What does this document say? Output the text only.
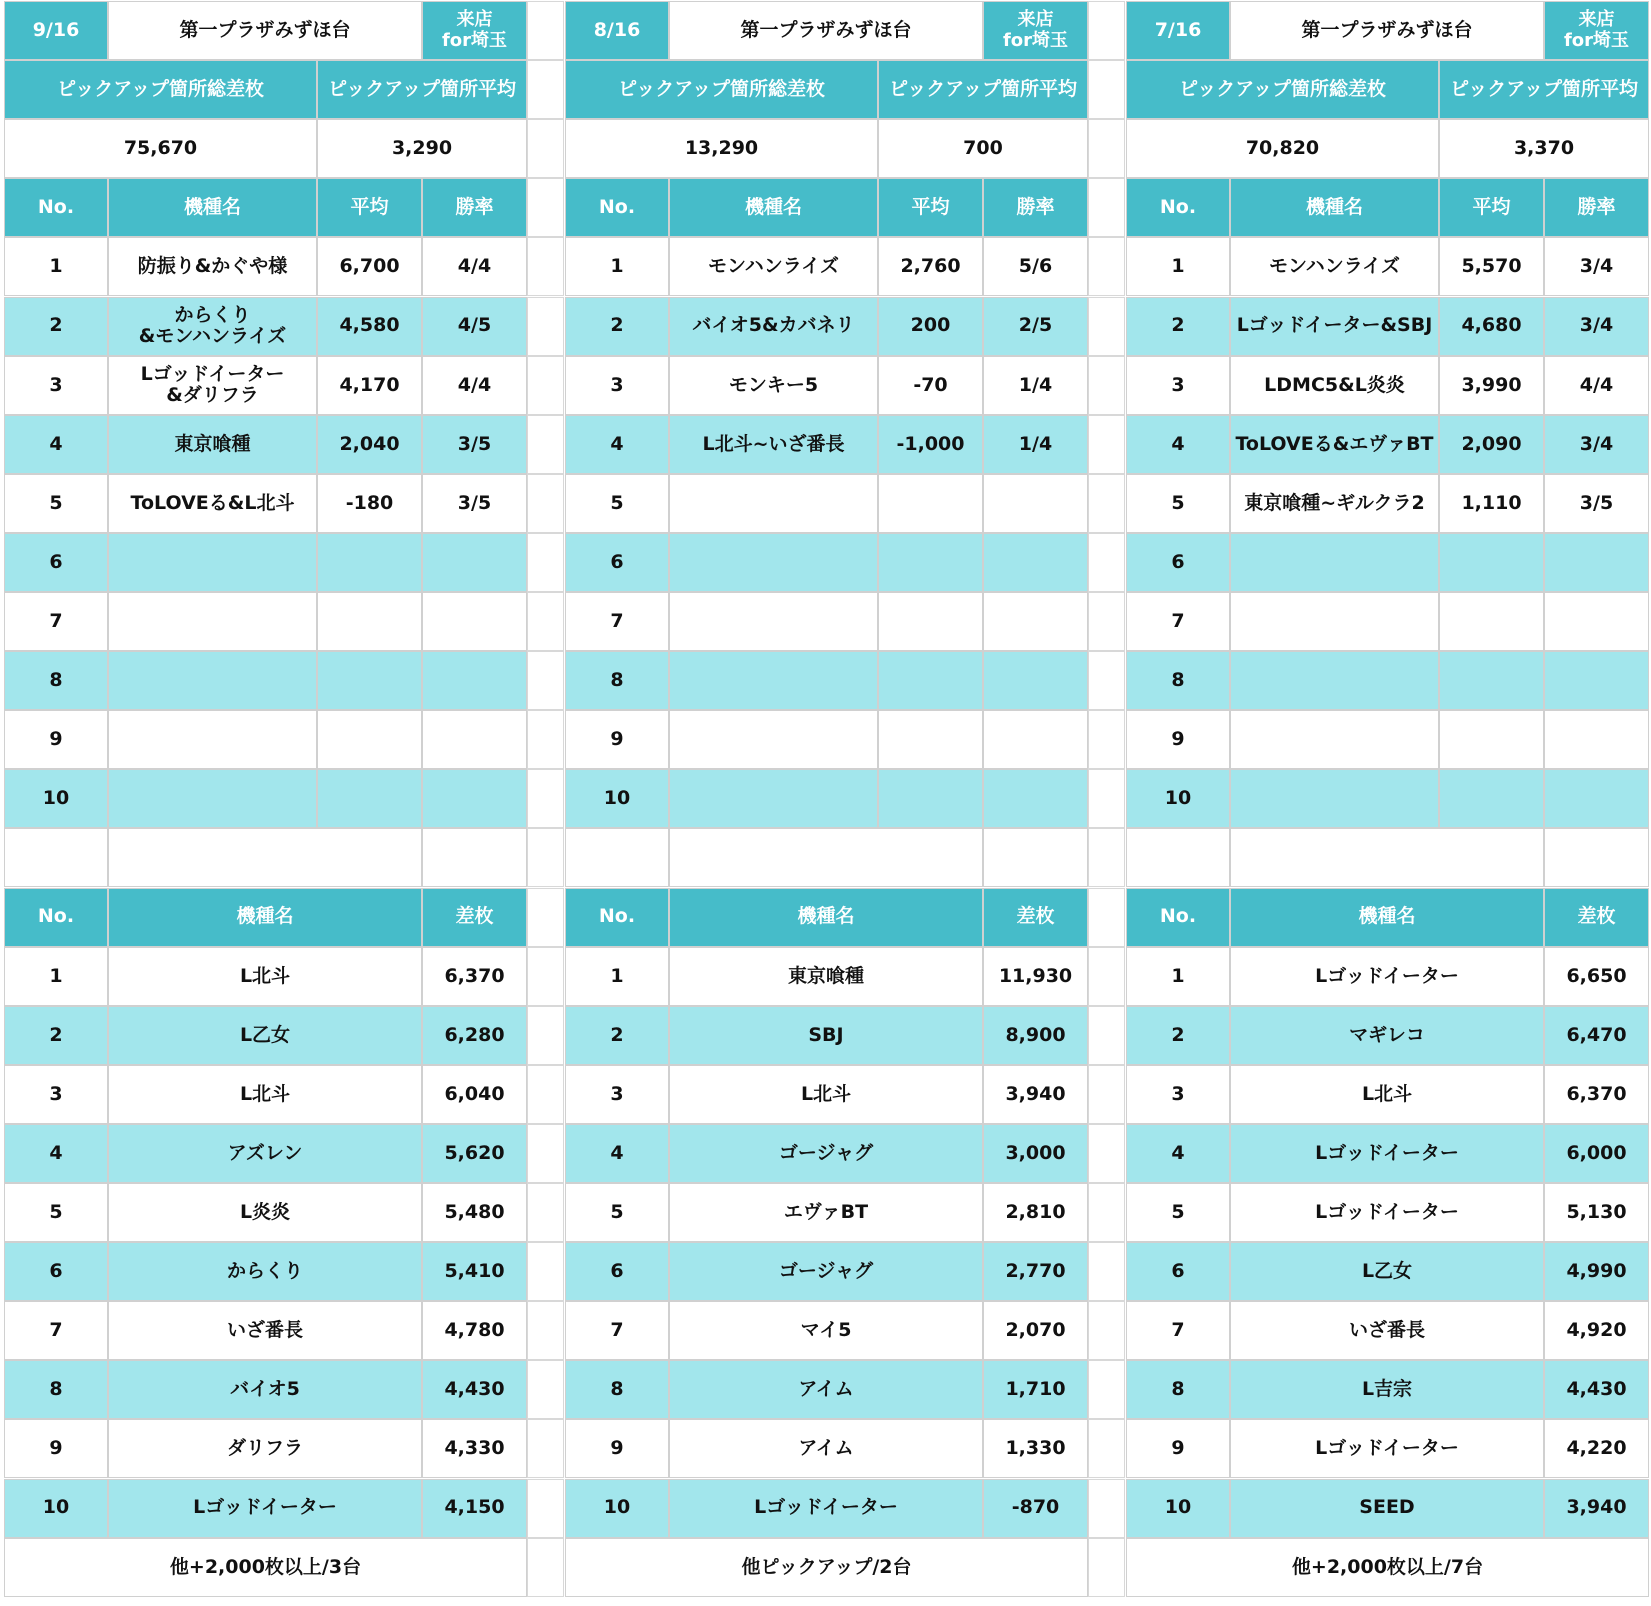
9/16	第一プラザみずほ台	来店
for埼玉
ピックアップ箇所総差枚	ピックアップ箇所平均
75,670	3,290
No.	機種名	平均	勝率
1	防振り&かぐや様	6,700	4/4
2	からくり
&モンハンライズ	4,580	4/5
3	Lゴッドイーター
&ダリフラ	4,170	4/4
4	東京喰種	2,040	3/5
5	ToLOVEる&L北斗	-180	3/5
6
7
8
9
10
No.	機種名	差枚
1	L北斗	6,370
2	L乙女	6,280
3	L北斗	6,040
4	アズレン	5,620
5	L炎炎	5,480
6	からくり	5,410
7	いざ番長	4,780
8	バイオ5	4,430
9	ダリフラ	4,330
10	Lゴッドイーター	4,150
他+2,000枚以上/3台
8/16	第一プラザみずほ台	来店
for埼玉
ピックアップ箇所総差枚	ピックアップ箇所平均
13,290	700
No.	機種名	平均	勝率
1	モンハンライズ	2,760	5/6
2	バイオ5&カバネリ	200	2/5
3	モンキー5	-70	1/4
4	L北斗~いざ番長	-1,000	1/4
5
6
7
8
9
10
No.	機種名	差枚
1	東京喰種	11,930
2	SBJ	8,900
3	L北斗	3,940
4	ゴージャグ	3,000
5	エヴァBT	2,810
6	ゴージャグ	2,770
7	マイ5	2,070
8	アイム	1,710
9	アイム	1,330
10	Lゴッドイーター	-870
他ピックアップ/2台
7/16	第一プラザみずほ台	来店
for埼玉
ピックアップ箇所総差枚	ピックアップ箇所平均
70,820	3,370
No.	機種名	平均	勝率
1	モンハンライズ	5,570	3/4
2	Lゴッドイーター&SBJ	4,680	3/4
3	LDMC5&L炎炎	3,990	4/4
4	ToLOVEる&エヴァBT	2,090	3/4
5	東京喰種~ギルクラ2	1,110	3/5
6
7
8
9
10
No.	機種名	差枚
1	Lゴッドイーター	6,650
2	マギレコ	6,470
3	L北斗	6,370
4	Lゴッドイーター	6,000
5	Lゴッドイーター	5,130
6	L乙女	4,990
7	いざ番長	4,920
8	L吉宗	4,430
9	Lゴッドイーター	4,220
10	SEED	3,940
他+2,000枚以上/7台
